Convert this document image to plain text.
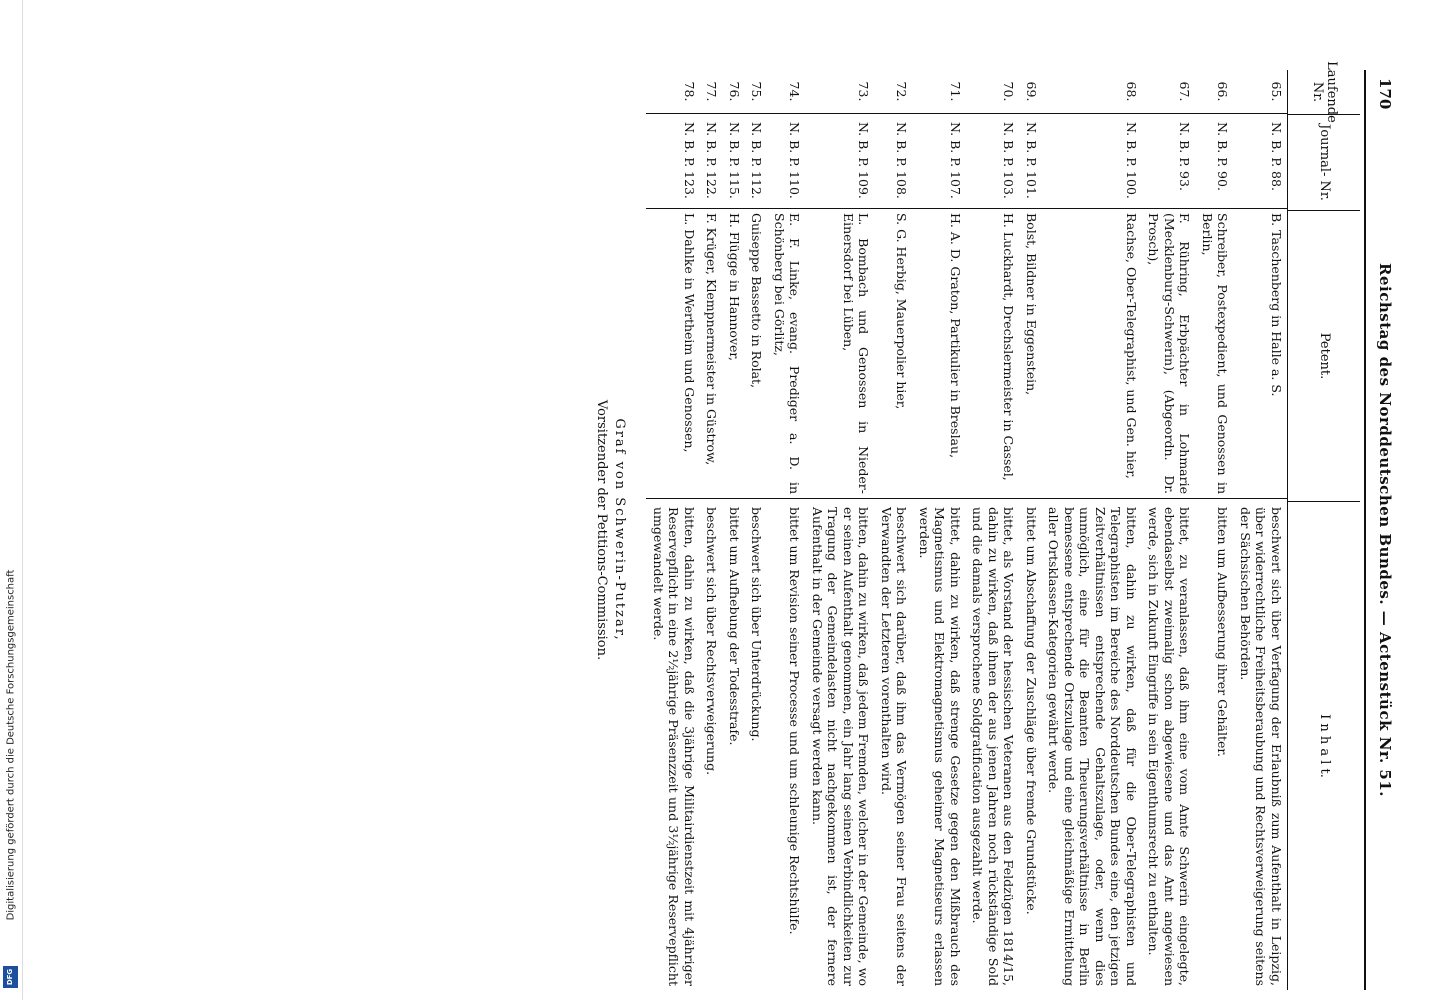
Digitalisierung gefördert durch die Deutsche Forschungsgemeinschaft
DFG
170
Reichstag des Norddeutschen Bundes. — Actenstück Nr. 51.
Laufende Nr.
Journal- Nr.
Petent.
I n h a l t.
65.
N. B. P. 88.
B. Taschenberg in Halle a. S.
beschwert sich über Verfagung der Erlaubniß zum Aufenthalt in Leipzig, über widerrechtliche Freiheitsberaubung und Rechtsverweigerung seitens der Sächsischen Behörden.
66.
N. B. P. 90.
Schreiber, Postexpedient, und Genossen in Berlin,
bitten um Aufbesserung ihrer Gehälter.
67.
N. B. P. 93.
F. Rühring, Erbpächter in Lohmarie (Mecklenburg-Schwerin), (Abgeordn. Dr. Prosch),
bittet, zu veranlassen, daß ihm eine vom Amte Schwerin eingelegte, ebendaselbst zweimalig schon abgewiesene und das Amt angewiesen werde, sich in Zukunft Eingriffe in sein Eigenthumsrecht zu enthalten.
68.
N. B. P. 100.
Rachse, Ober-Telegraphist, und Gen. hier,
bitten, dahin zu wirken, daß für die Ober-Telegraphisten und Telegraphisten im Bereiche des Norddeutschen Bundes eine, den jetzigen Zeitverhältnissen entsprechende Gehaltszulage, oder, wenn dies unmöglich, eine für die Beamten Theuerungsverhältnisse in Berlin bemessene entsprechende Ortszulage und eine gleichmäßige Ermittelung aller Ortsklassen-Kategorien gewährt werde.
69.
N. B. P. 101.
Bolst, Bildner in Eggenstein,
bittet um Abschaffung der Zuschläge über fremde Grundstücke.
70.
N. B. P. 103.
H. Luckhardt, Drechslermeister in Cassel,
bittet, als Vorstand der hessischen Veteranen aus den Feldzügen 1814/15, dahin zu wirken, daß ihnen der aus jenen Jahren noch rückständige Sold und die damals versprochene Soldgratification ausgezahlt werde.
71.
N. B. P. 107.
H. A. D. Graton, Partikulier in Breslau,
bittet, dahin zu wirken, daß strenge Gesetze gegen den Mißbrauch des Magnetismus und Elektromagnetismus geheimer Magnetiseurs erlassen werden.
72.
N. B. P. 108.
S. G. Herbig, Mauerpolier hier,
beschwert sich darüber, daß ihm das Vermögen seiner Frau seitens der Verwandten der Letzteren vorenthalten wird.
73.
N. B. P. 109.
L. Bombach und Genossen in Nieder-Einersdorf bei Lüben,
bitten, dahin zu wirken, daß jedem Fremden, welcher in der Gemeinde, wo er seinen Aufenthalt genommen, ein Jahr lang seinen Verbindlichkeiten zur Tragung der Gemeindelasten nicht nachgekommen ist, der fernere Aufenthalt in der Gemeinde versagt werden kann.
74.
N. B. P. 110.
E. F. Linke, evang. Prediger a. D. in Schönberg bei Görlitz,
bittet um Revision seiner Processe und um schleunige Rechtshülfe.
75.
N. B. P. 112.
Guiseppe Bassetto in Rolat,
beschwert sich über Unterdrückung.
76.
N. B. P. 115.
H. Flügge in Hannover,
bittet um Aufhebung der Todesstrafe.
77.
N. B. P. 122.
F. Krüger, Klempnermeister in Güstrow,
beschwert sich über Rechtsverweigerung.
78.
N. B. P. 123.
L. Dahlke in Wertheim und Genossen,
bitten, dahin zu wirken, daß die 3jährige Militairdienstzeit mit 4jähriger Reservepflicht in eine 2½jährige Präsenzzeit und 3½jährige Reservepflicht umgewandelt werde.
Graf von Schwerin-Putzar,
Vorsitzender der Petitions-Commission.
